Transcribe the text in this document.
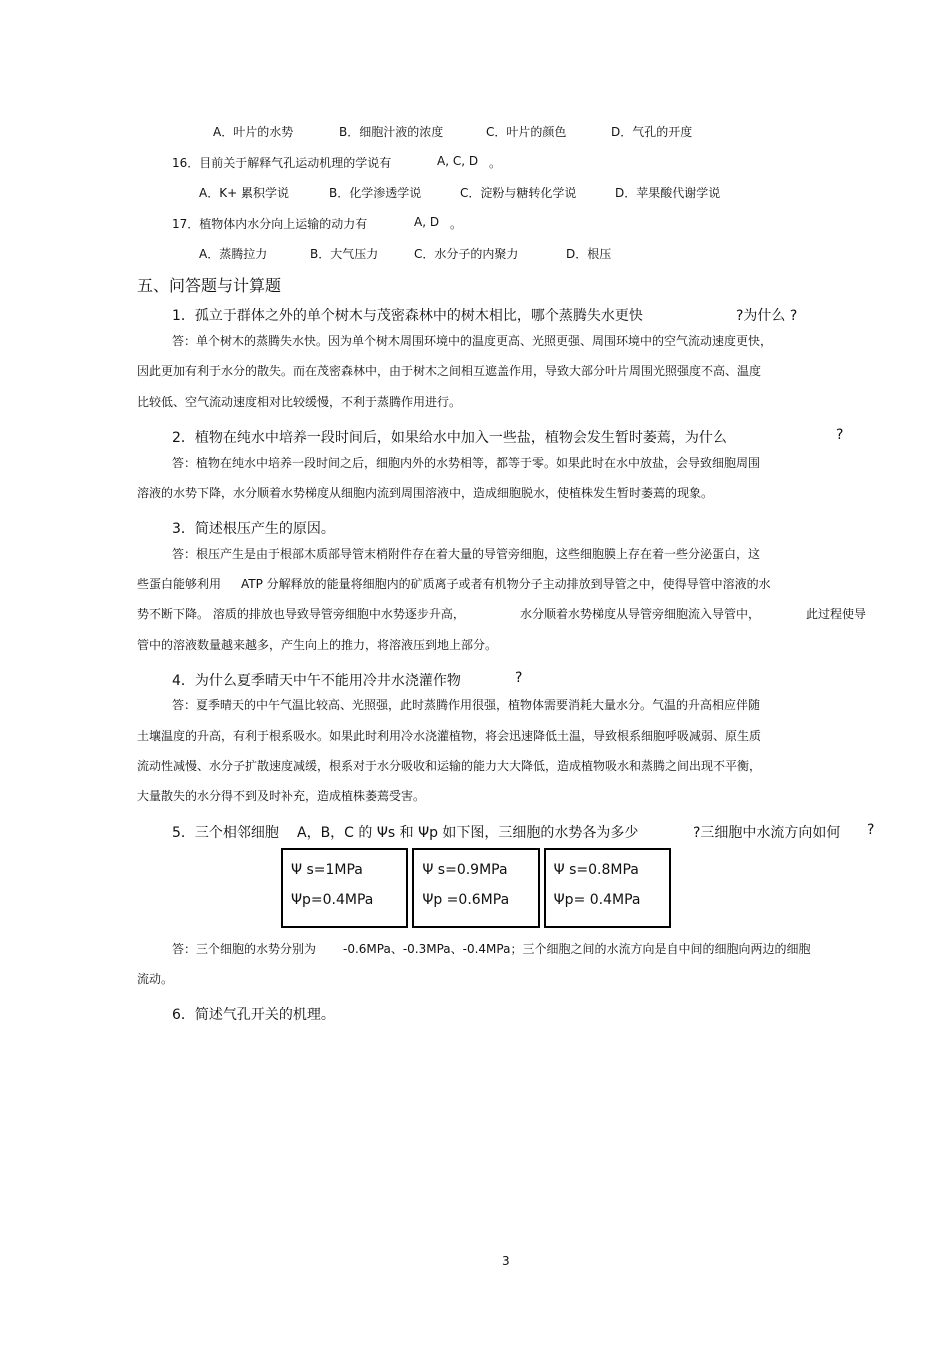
A．叶片的水势	B．细胞汁液的浓度	C．叶片的颜色	D．气孔的开度
16．目前关于解释气孔运动机理的学说有	A, C, D 。
A．K+ 累积学说	B．化学渗透学说	C．淀粉与糖转化学说	D．苹果酸代谢学说
17．植物体内水分向上运输的动力有	A, D 。
A．蒸腾拉力	B．大气压力	C．水分子的内聚力	D．根压
五、问答题与计算题
1．孤立于群体之外的单个树木与茂密森林中的树木相比，哪个蒸腾失水更快	?为什么 ?
答：单个树木的蒸腾失水快。因为单个树木周围环境中的温度更高、光照更强、周围环境中的空气流动速度更快，
因此更加有利于水分的散失。而在茂密森林中，由于树木之间相互遮盖作用，导致大部分叶片周围光照强度不高、温度
比较低、空气流动速度相对比较缓慢，不利于蒸腾作用进行。
2．植物在纯水中培养一段时间后，如果给水中加入一些盐，植物会发生暂时萎蔫，为什么	?
答：植物在纯水中培养一段时间之后，细胞内外的水势相等，都等于零。如果此时在水中放盐，会导致细胞周围
溶液的水势下降，水分顺着水势梯度从细胞内流到周围溶液中，造成细胞脱水，使植株发生暂时萎蔫的现象。
3．简述根压产生的原因。
答：根压产生是由于根部木质部导管末梢附件存在着大量的导管旁细胞，这些细胞膜上存在着一些分泌蛋白，这
些蛋白能够利用 ATP 分解释放的能量将细胞内的矿质离子或者有机物分子主动排放到导管之中，使得导管中溶液的水
势不断下降。 溶质的排放也导致导管旁细胞中水势逐步升高，	水分顺着水势梯度从导管旁细胞流入导管中，	此过程使导
管中的溶液数量越来越多，产生向上的推力，将溶液压到地上部分。
4．为什么夏季晴天中午不能用冷井水浇灌作物	?
答：夏季晴天的中午气温比较高、光照强，此时蒸腾作用很强，植物体需要消耗大量水分。气温的升高相应伴随
土壤温度的升高，有利于根系吸水。如果此时利用冷水浇灌植物，将会迅速降低土温，导致根系细胞呼吸减弱、原生质
流动性减慢、水分子扩散速度减缓，根系对于水分吸收和运输的能力大大降低，造成植物吸水和蒸腾之间出现不平衡，
大量散失的水分得不到及时补充，造成植株萎蔫受害。
5．三个相邻细胞 A，B，C 的 Ψs 和 Ψp 如下图，三细胞的水势各为多少	?三细胞中水流方向如何 ?
Ψ s=1MPa
Ψp=0.4MPa
Ψ s=0.9MPa
Ψp =0.6MPa
Ψ s=0.8MPa
Ψp= 0.4MPa
答：三个细胞的水势分别为 -0.6MPa、-0.3MPa、-0.4MPa；三个细胞之间的水流方向是自中间的细胞向两边的细胞
流动。
6．简述气孔开关的机理。
3
